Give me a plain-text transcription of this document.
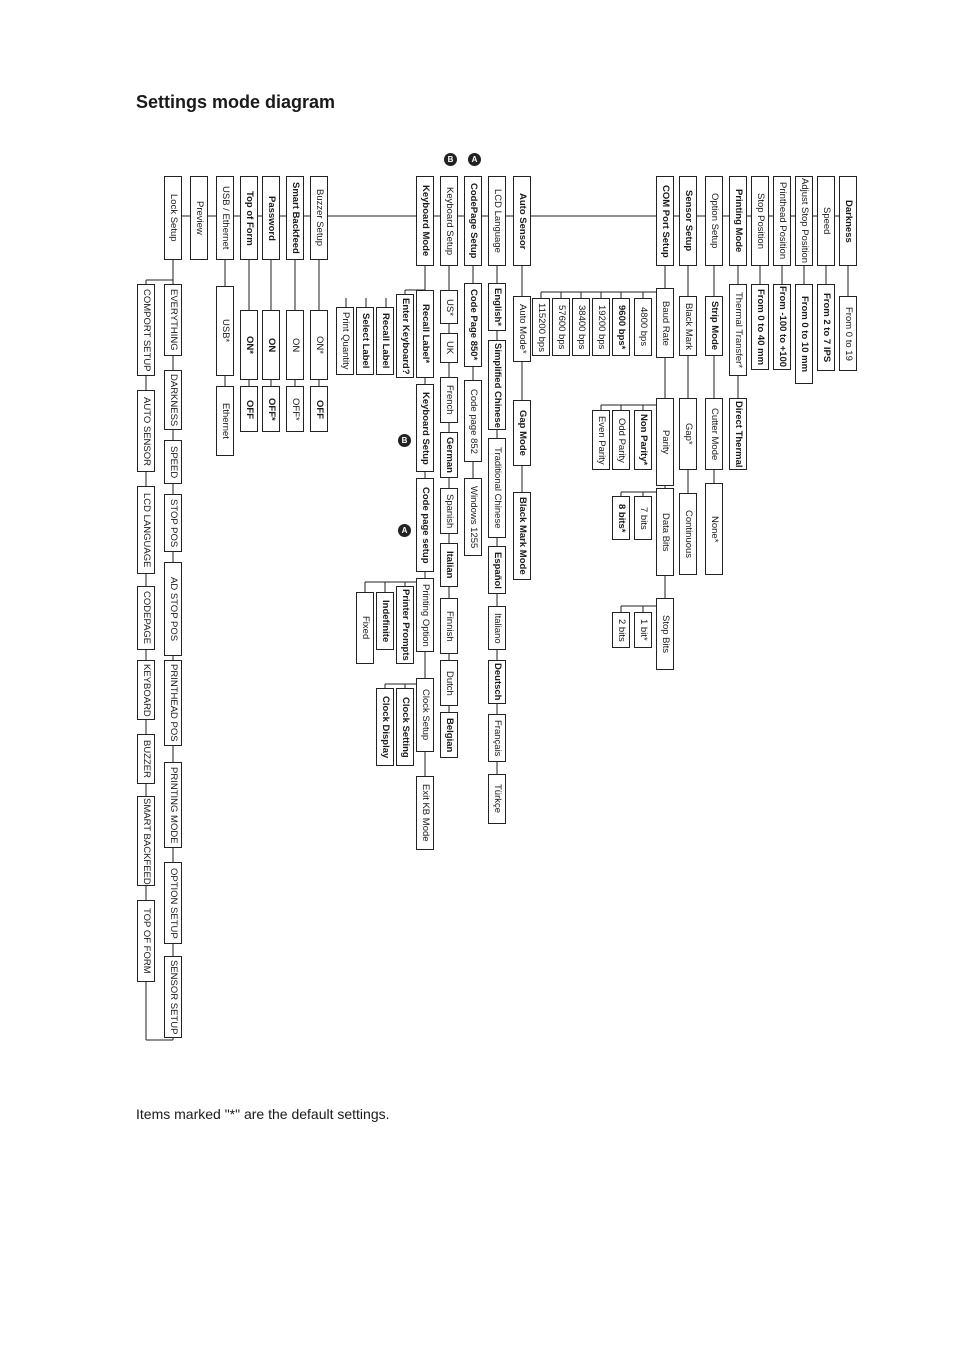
Settings mode diagram
Darkness
From 0 to 19
Speed
From 2 to 7 IPS
Adjust Stop Position
From 0 to 10 mm
Printhead Position
From -100 to +100
Stop Position
From 0 to 40 mm
Printing Mode
Thermal Transfer*
Direct Thermal
Option Setup
Strip Mode
Cutter Mode
None*
Sensor Setup
Black Mark
Gap*
Continuous
COM Port Setup
Baud Rate
Parity
Data Bits
Stop Bits
4800 bps
9600 bps*
19200 bps
38400 bps
57600 bps
115200 bps
Non Parity*
Odd Parity
Even Parity
7 bits
8 bits*
1 bit*
2 bits
Auto Sensor
Auto Mode*
Gap Mode
Black Mark Mode
LCD Language
English*
Simplified Chinese
Traditional Chinese
Español
Italiano
Deutsch
Français
Türkçe
CodePage Setup
Code Page 850*
Code page 852
Windows 1255
Keyboard Setup
US*
UK
French
German
Spanish
Italian
Finnish
Dutch
Belgian
Keyboard Mode
Recall Label*
Keyboard Setup
Code page setup
Printing Option
Clock Setup
Exit KB Mode
Enter Keyboard?
Recall Label
Select Label
Print Quantity
Printer Prompts
Indefinite
Fixed
Clock Setting
Clock Display
Buzzer Setup
ON*
OFF
Smart Backfeed
ON
OFF*
Password
ON
OFF*
Top of Form
ON*
OFF
USB / Ethernet
USB*
Ethernet
Preview
Lock Setup
EVERYTHING
DARKNESS
SPEED
STOP POS
AD STOP POS
PRINTHEAD POS
PRINTING MODE
OPTION SETUP
SENSOR SETUP
COMPORT SETUP
AUTO SENSOR
LCD LANGUAGE
CODEPAGE
KEYBOARD
BUZZER
SMART BACKFEED
TOP OF FORM
A
B
B
A
Items marked "*" are the default settings.
